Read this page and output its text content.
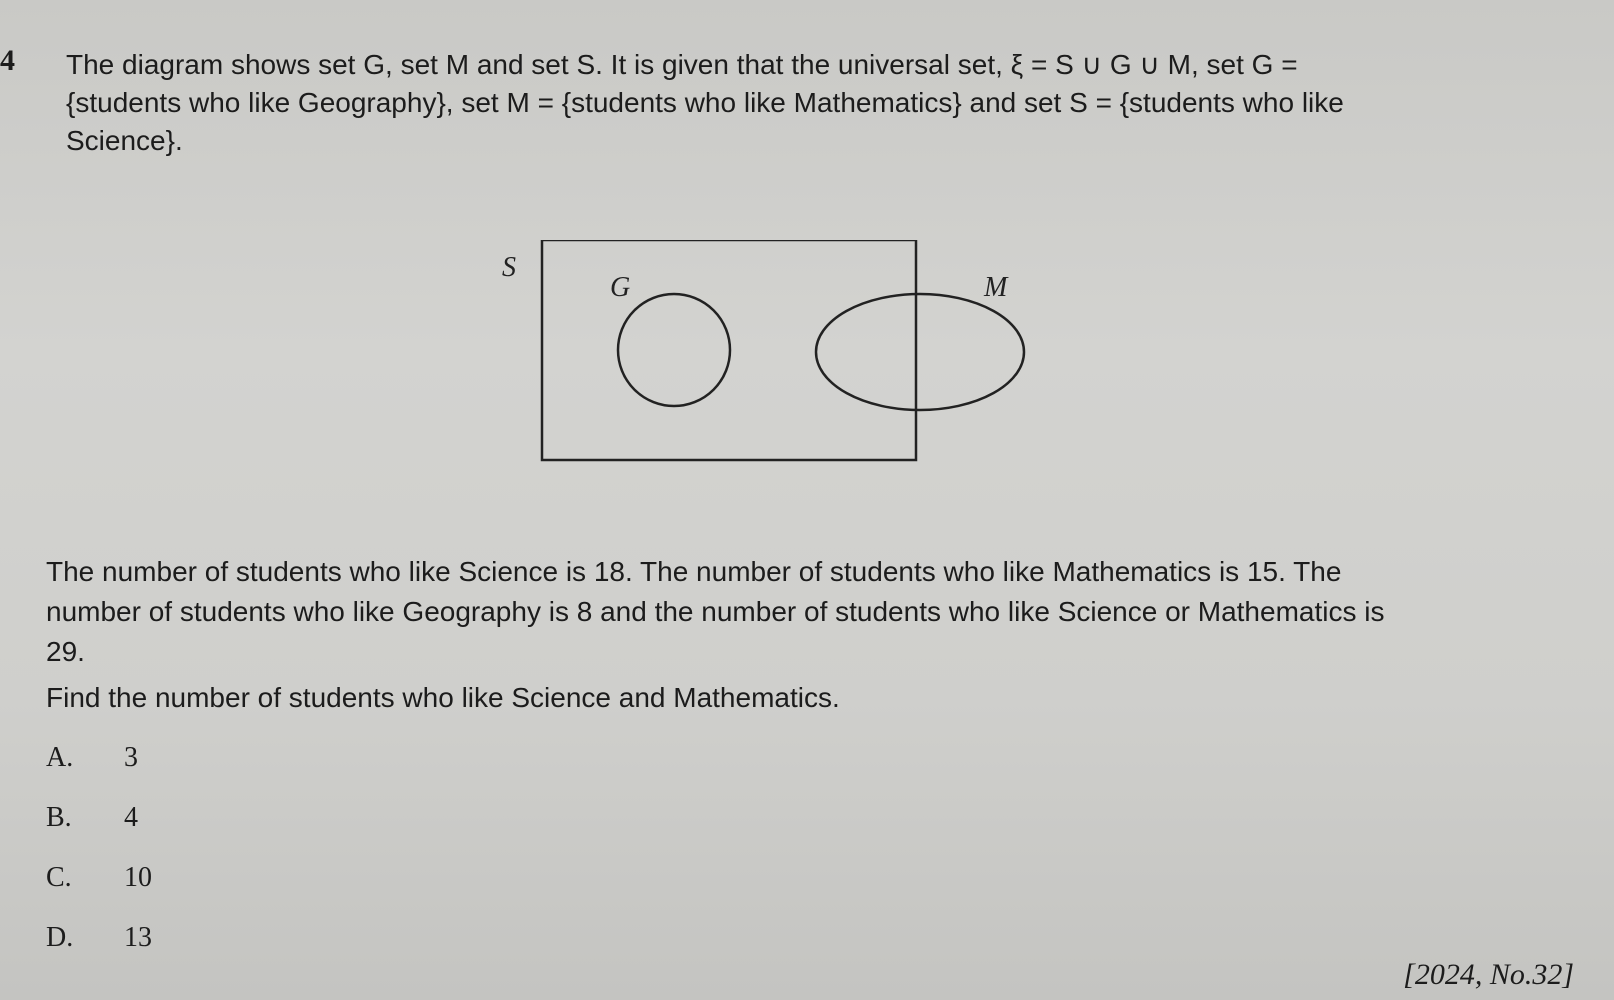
4 The diagram shows set G, set M and set S. It is given that the universal set, ξ = S ∪ G ∪ M, set G =
{students who like Geography}, set M = {students who like Mathematics} and set S = {students who like
Science}.
S
G	M
The number of students who like Science is 18. The number of students who like Mathematics is 15. The
number of students who like Geography is 8 and the number of students who like Science or Mathematics is
29.
Find the number of students who like Science and Mathematics.
A.	3
B.	4
C.	10
D.	13
[2024, No.32]
